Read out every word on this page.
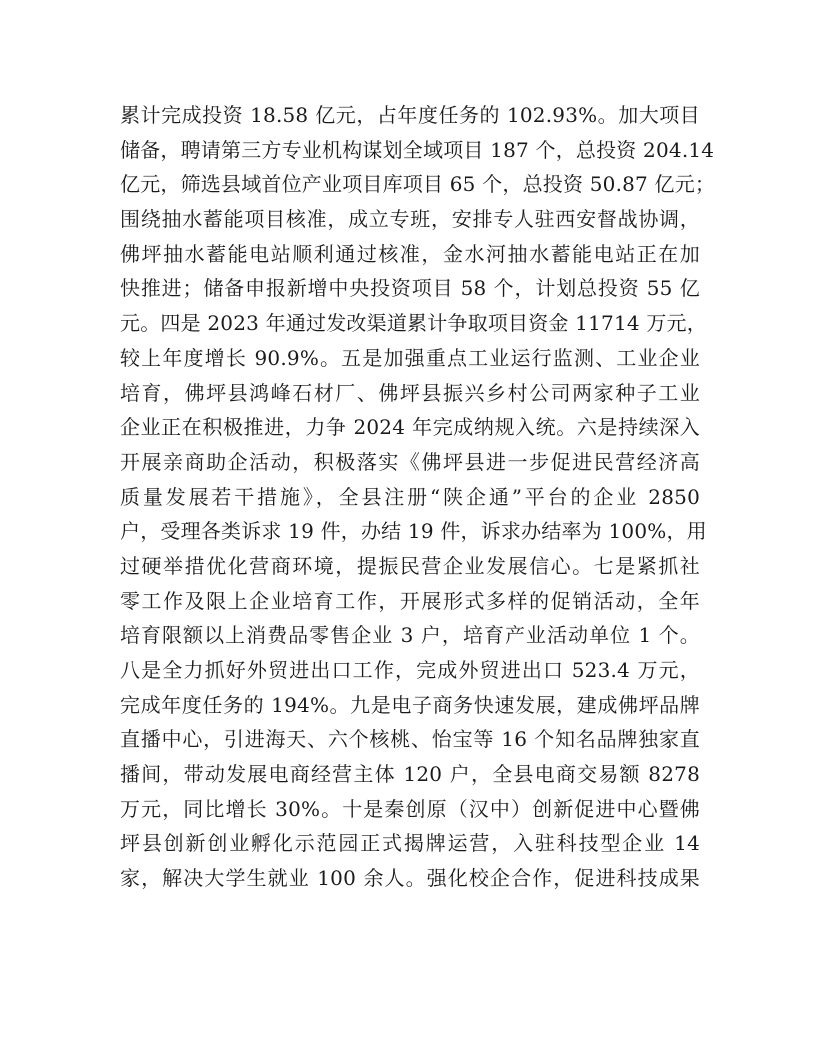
累计完成投资 18.58 亿元，占年度任务的 102.93%。加大项目
储备，聘请第三方专业机构谋划全域项目 187 个，总投资 204.14
亿元，筛选县域首位产业项目库项目 65 个，总投资 50.87 亿元；
围绕抽水蓄能项目核准，成立专班，安排专人驻西安督战协调，
佛坪抽水蓄能电站顺利通过核准，金水河抽水蓄能电站正在加
快推进；储备申报新增中央投资项目 58 个，计划总投资 55 亿
元。四是 2023 年通过发改渠道累计争取项目资金 11714 万元，
较上年度增长 90.9%。五是加强重点工业运行监测、工业企业
培育，佛坪县鸿峰石材厂、佛坪县振兴乡村公司两家种子工业
企业正在积极推进，力争 2024 年完成纳规入统。六是持续深入
开展亲商助企活动，积极落实《佛坪县进一步促进民营经济高
质量发展若干措施》，全县注册“陕企通”平台的企业 2850
户，受理各类诉求 19 件，办结 19 件，诉求办结率为 100%，用
过硬举措优化营商环境，提振民营企业发展信心。七是紧抓社
零工作及限上企业培育工作，开展形式多样的促销活动，全年
培育限额以上消费品零售企业 3 户，培育产业活动单位 1 个。
八是全力抓好外贸进出口工作，完成外贸进出口 523.4 万元，
完成年度任务的 194%。九是电子商务快速发展，建成佛坪品牌
直播中心，引进海天、六个核桃、怡宝等 16 个知名品牌独家直
播间，带动发展电商经营主体 120 户，全县电商交易额 8278
万元，同比增长 30%。十是秦创原（汉中）创新促进中心暨佛
坪县创新创业孵化示范园正式揭牌运营，入驻科技型企业 14
家，解决大学生就业 100 余人。强化校企合作，促进科技成果
